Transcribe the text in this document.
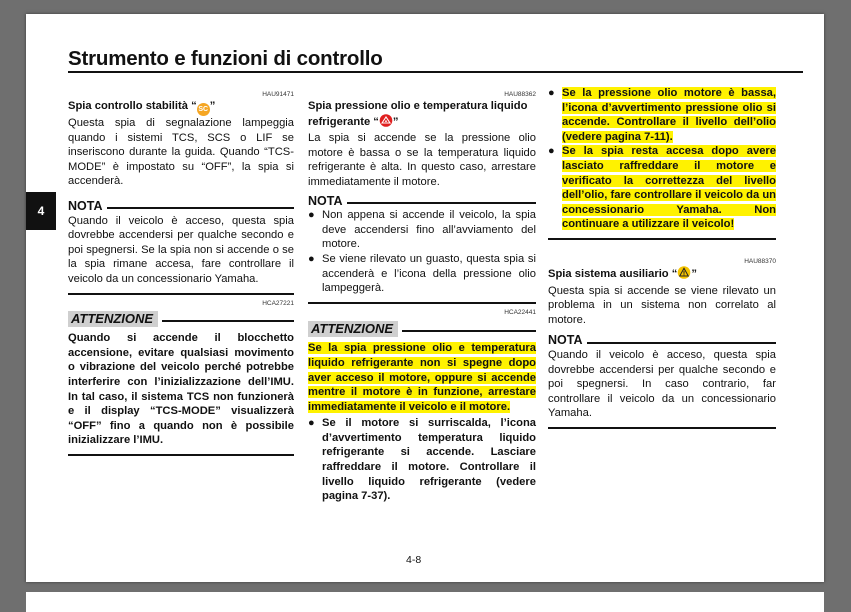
4
Strumento e funzioni di controllo

HAU91471

Spia controllo stabilità “ SC ”

Questa spia di segnalazione lampeggia quando i sistemi TCS, SCS o LIF se inseriscono durante la guida. Quando “TCS-MODE” è impostato su “OFF”, la spia si accenderà.

NOTA

Quando il veicolo è acceso, questa spia dovrebbe accendersi per qualche secondo e poi spegnersi. Se la spia non si accende o se la spia rimane accesa, fare controllare il veicolo da un concessionario Yamaha.

HCA27221

ATTENZIONE

Quando si accende il blocchetto accensione, evitare qualsiasi movimento o vibrazione del veicolo perché potrebbe interferire con l’inizializzazione dell’IMU. In tal caso, il sistema TCS non funzionerà e il display “TCS-MODE” visualizzerà “OFF” fino a quando non è possibile inizializzare l’IMU.

HAU88362

Spia pressione olio e temperatura liquido refrigerante “ ”

La spia si accende se la pressione olio motore è bassa o se la temperatura liquido refrigerante è alta. In questo caso, arrestare immediatamente il motore.

NOTA

● Non appena si accende il veicolo, la spia deve accendersi fino all’avviamento del motore.
● Se viene rilevato un guasto, questa spia si accenderà e l’icona della pressione olio lampeggerà.

HCA22441

ATTENZIONE

Se la spia pressione olio e temperatura liquido refrigerante non si spegne dopo aver acceso il motore, oppure si accende mentre il motore è in funzione, arrestare immediatamente il veicolo e il motore.

● Se il motore si surriscalda, l’icona d’avvertimento temperatura liquido refrigerante si accende. Lasciare raffreddare il motore. Controllare il livello liquido refrigerante (vedere pagina 7-37).
● Se la pressione olio motore è bassa, l’icona d’avvertimento pressione olio si accende. Controllare il livello dell’olio (vedere pagina 7-11).
● Se la spia resta accesa dopo avere lasciato raffreddare il motore e verificato la correttezza del livello dell’olio, fare controllare il veicolo da un concessionario Yamaha. Non continuare a utilizzare il veicolo!

HAU88370

Spia sistema ausiliario “ ”

Questa spia si accende se viene rilevato un problema in un sistema non correlato al motore.

NOTA

Quando il veicolo è acceso, questa spia dovrebbe accendersi per qualche secondo e poi spegnersi. In caso contrario, far controllare il veicolo da un concessionario Yamaha.

4-8
